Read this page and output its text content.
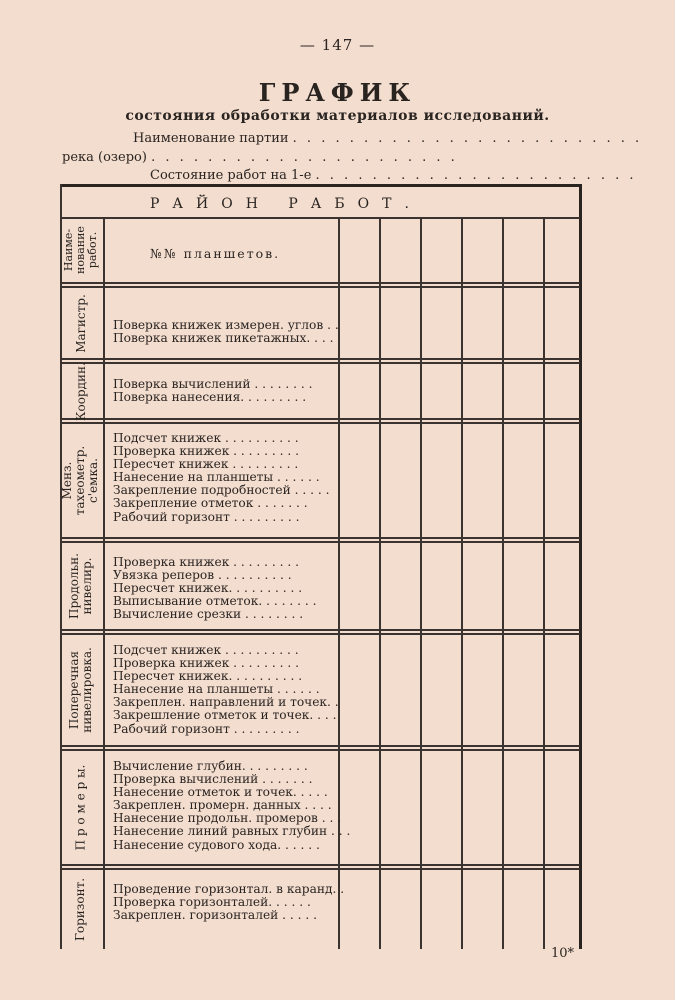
— 147 —
ГРАФИК
состояния обработки материалов исследований.
Наименование партии . . . . . . . . . . . . . . . . . . . . . . . . .
река (озеро) . . . . . . . . . . . . . . . . . . . . . .
Состояние работ на 1-е . . . . . . . . . . . . . . . . . . . . . . .
РАЙОН РАБОТ.
Наиме-
нование
работ.	№№ планшетов.
Магистр. Поверка книжек измерен. углов . .
Поверка книжек пикетажных. . . .
Координ. Поверка вычислений . . . . . . . .
Поверка нанесения. . . . . . . . .
Менз. тахеометр.
с'емка.
Подсчет книжек . . . . . . . . . .
Проверка книжек . . . . . . . . .
Пересчет книжек . . . . . . . . .
Нанесение на планшеты . . . . . .
Закрепление подробностей . . . . .
Закрепление отметок . . . . . . .
Рабочий горизонт . . . . . . . . .
Продольн.
нивелир. Проверка книжек . . . . . . . . .
Увязка реперов . . . . . . . . . .
Пересчет книжек. . . . . . . . . .
Выписывание отметок. . . . . . . .
Вычисление срезки . . . . . . . .
Поперечная
нивелировка. Подсчет книжек . . . . . . . . . .
Проверка книжек . . . . . . . . .
Пересчет книжек. . . . . . . . . .
Нанесение на планшеты . . . . . .
Закреплен. направлений и точек. .
Закрешление отметок и точек. . . .
Рабочий горизонт . . . . . . . . .
П р о м е р ы. Вычисление глубин. . . . . . . . .
Проверка вычислений . . . . . . .
Нанесение отметок и точек. . . . .
Закреплен. промерн. данных . . . .
Нанесение продольн. промеров . . .
Нанесение линий равных глубин . . .
Нанесение судового хода. . . . . .
Горизонт. Проведение горизонтал. в каранд. .
Проверка горизонталей. . . . . .
Закреплен. горизонталей . . . . .
10*
